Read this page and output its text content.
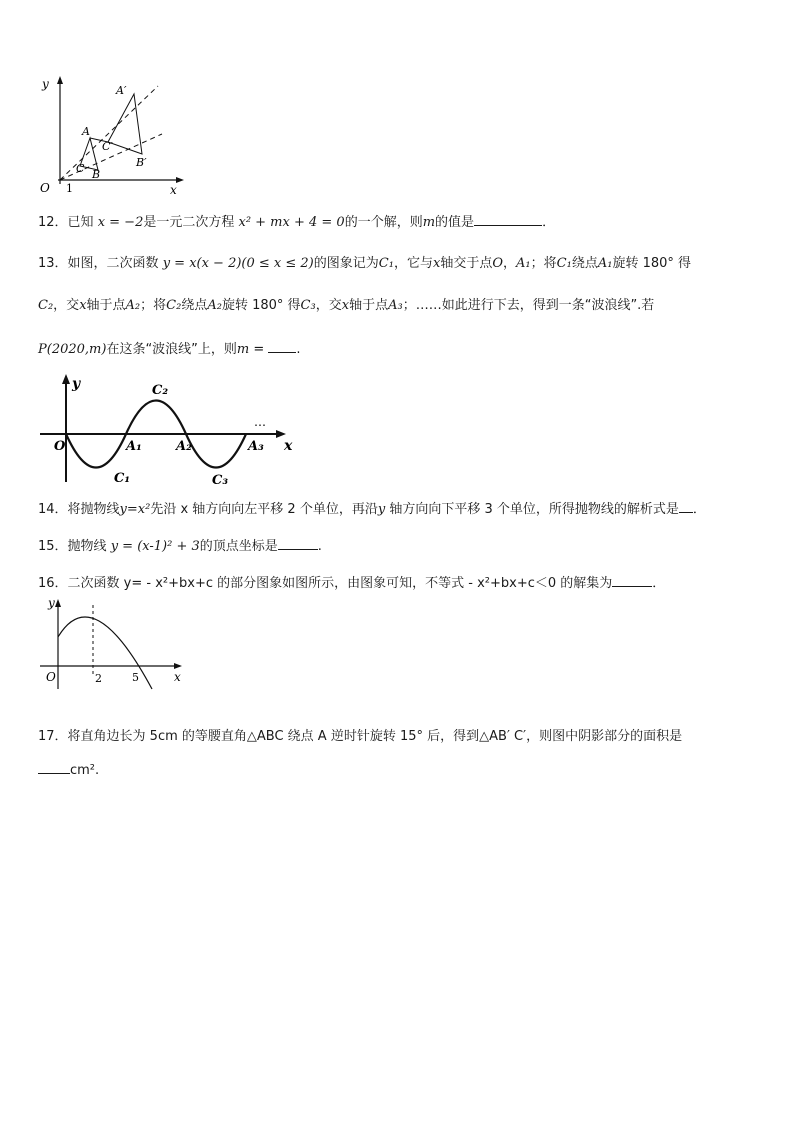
y
x
O 1
A
A′
B
B′
C
C′
12．已知 x = −2是一元二次方程 x² + mx + 4 = 0的一个解，则m的值是	．
13．如图，二次函数 y = x(x − 2)(0 ≤ x ≤ 2)的图象记为C₁，它与x轴交于点O，A₁；将C₁绕点A₁旋转 180° 得
C₂，交x轴于点A₂；将C₂绕点A₂旋转 180° 得C₃，交x轴于点A₃；……如此进行下去，得到一条“波浪线”.若
P(2020,m)在这条“波浪线”上，则m = .
y
x
O	A₁	A₂	A₃
C₁
C₂
C₃
…
14．将抛物线y=x²先沿 x 轴方向向左平移 2 个单位，再沿y 轴方向向下平移 3 个单位，所得抛物线的解析式是 ．
15．抛物线 y = (x-1)² + 3的顶点坐标是	.
16．二次函数 y= - x²+bx+c 的部分图象如图所示，由图象可知，不等式 - x²+bx+c＜0 的解集为	．
y
x
O	2	5
17．将直角边长为 5cm 的等腰直角△ABC 绕点 A 逆时针旋转 15° 后，得到△AB′ C′，则图中阴影部分的面积是
cm².
